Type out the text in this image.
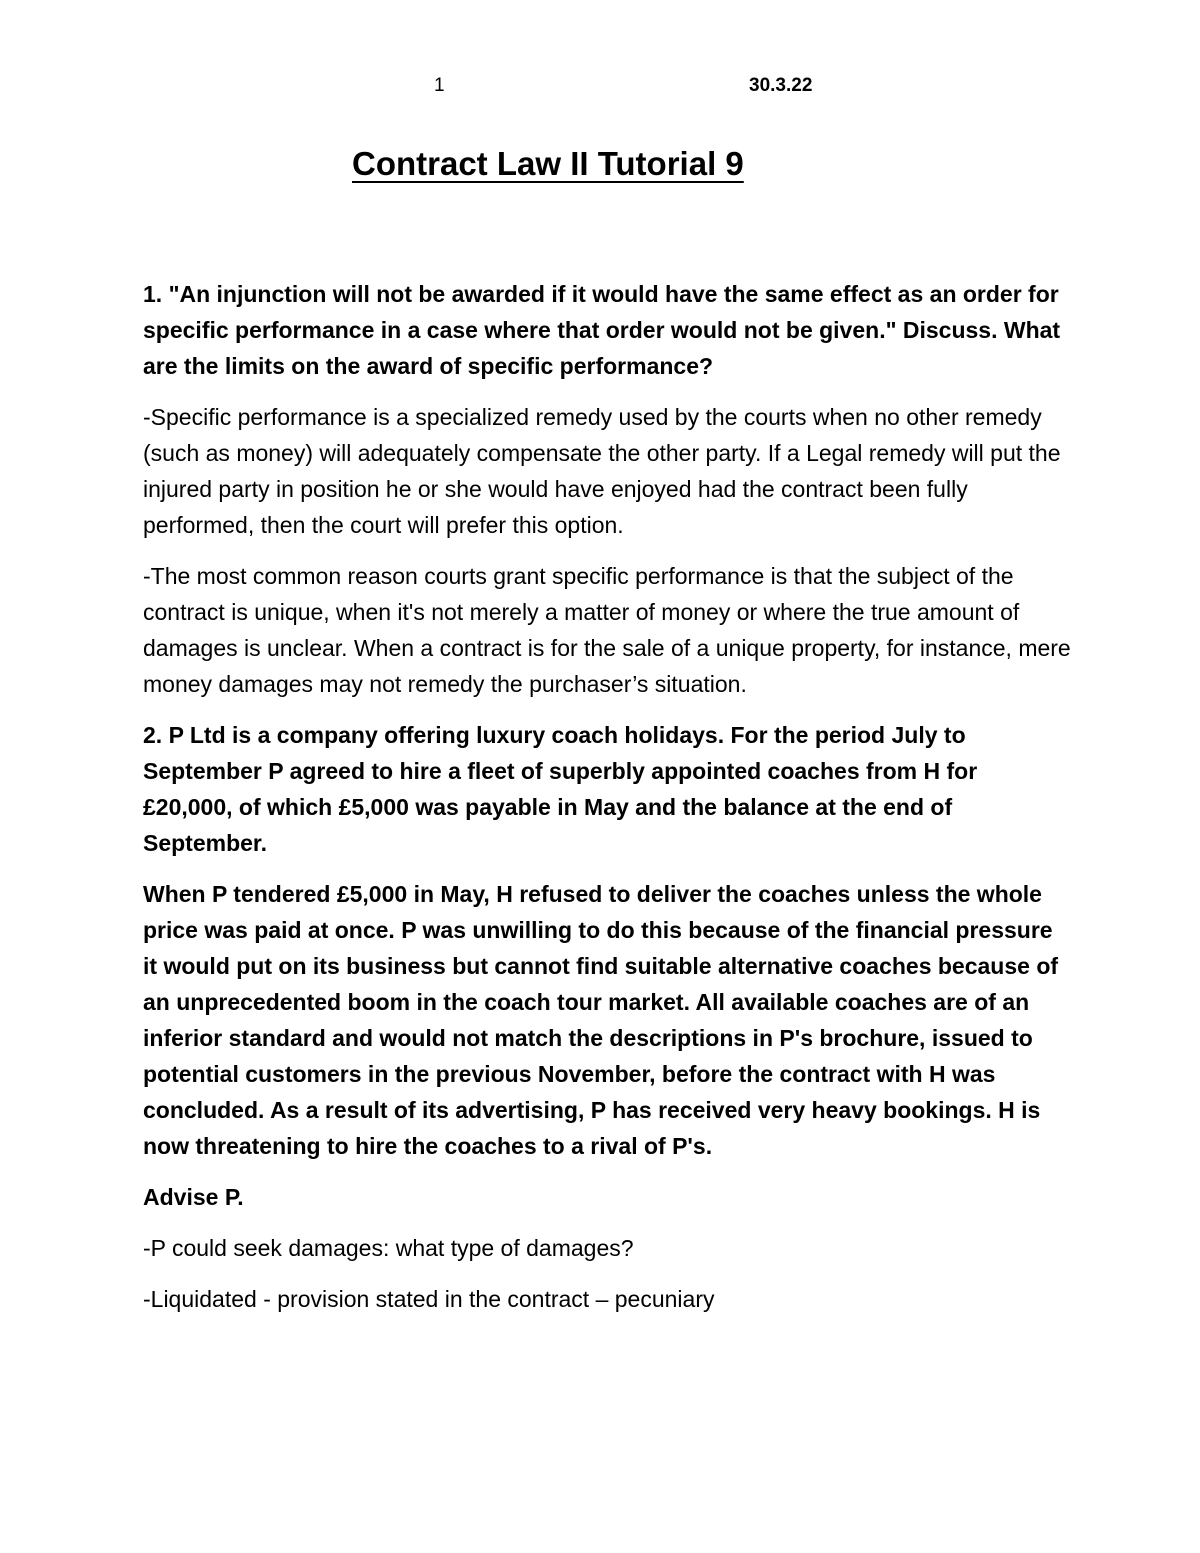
1	30.3.22
Contract Law II Tutorial 9

1. "An injunction will not be awarded if it would have the same effect as an order for specific performance in a case where that order would not be given." Discuss. What are the limits on the award of specific performance?

-Specific performance is a specialized remedy used by the courts when no other remedy (such as money) will adequately compensate the other party. If a Legal remedy will put the injured party in position he or she would have enjoyed had the contract been fully performed, then the court will prefer this option.

-The most common reason courts grant specific performance is that the subject of the contract is unique, when it's not merely a matter of money or where the true amount of damages is unclear. When a contract is for the sale of a unique property, for instance, mere money damages may not remedy the purchaser’s situation.

2. P Ltd is a company offering luxury coach holidays. For the period July to September P agreed to hire a fleet of superbly appointed coaches from H for £20,000, of which £5,000 was payable in May and the balance at the end of September.

When P tendered £5,000 in May, H refused to deliver the coaches unless the whole price was paid at once. P was unwilling to do this because of the financial pressure it would put on its business but cannot find suitable alternative coaches because of an unprecedented boom in the coach tour market. All available coaches are of an inferior standard and would not match the descriptions in P's brochure, issued to potential customers in the previous November, before the contract with H was concluded. As a result of its advertising, P has received very heavy bookings. H is now threatening to hire the coaches to a rival of P's.

Advise P.

-P could seek damages: what type of damages?

-Liquidated - provision stated in the contract – pecuniary
